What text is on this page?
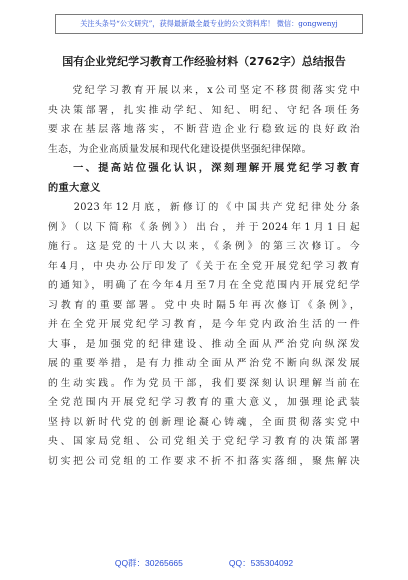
关注头条号“公文研究”，获得最新最全最专业的公文资料库！ 微信：gongwenyj
国有企业党纪学习教育工作经验材料（2762字）总结报告
　　党纪学习教育开展以来，x公司坚定不移贯彻落实党中
央决策部署，扎实推动学纪、知纪、明纪、守纪各项任务
要求在基层落地落实，不断营造企业行稳致远的良好政治
生态，为企业高质量发展和现代化建设提供坚强纪律保障。
　　一、提高站位强化认识，深刻理解开展党纪学习教育
的重大意义
　　2023年12月底，新修订的《中国共产党纪律处分条
例》（以下简称《条例》）出台，并于2024年1月1日起
施行。这是党的十八大以来，《条例》的第三次修订。今
年4月，中央办公厅印发了《关于在全党开展党纪学习教育
的通知》，明确了在今年4月至7月在全党范围内开展党纪学
习教育的重要部署。党中央时隔5年再次修订《条例》，
并在全党开展党纪学习教育，是今年党内政治生活的一件
大事，是加强党的纪律建设、推动全面从严治党向纵深发
展的重要举措，是有力推动全面从严治党不断向纵深发展
的生动实践。作为党员干部，我们要深刻认识理解当前在
全党范围内开展党纪学习教育的重大意义，加强理论武装
坚持以新时代党的创新理论凝心铸魂，全面贯彻落实党中
央、国家局党组、公司党组关于党纪学习教育的决策部署
切实把公司党组的工作要求不折不扣落实落细，聚焦解决
QQ群：30265665	QQ：535304092
